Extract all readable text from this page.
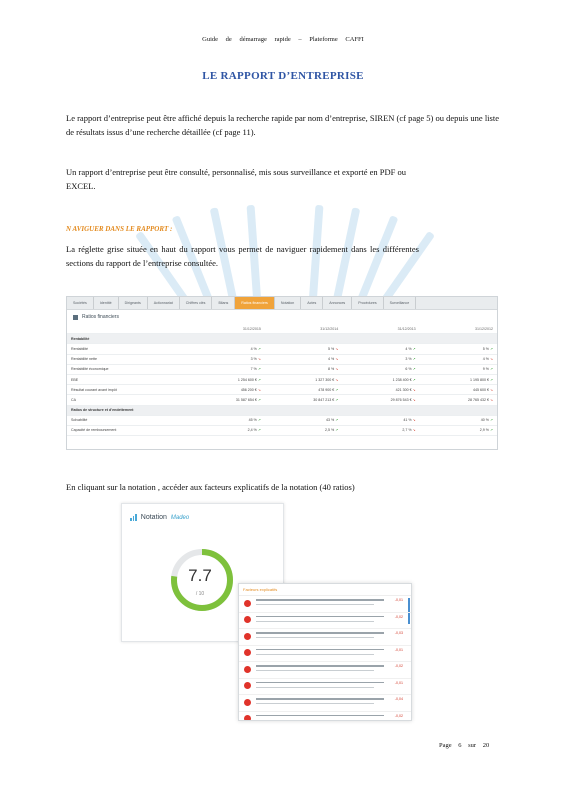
Guide de démarrage rapide – Plateforme CAFFI
LE RAPPORT D’ENTREPRISE
Le rapport d’entreprise peut être affiché depuis la recherche rapide par nom d’entreprise, SIREN (cf page 5) ou depuis une liste de résultats issus d’une recherche détaillée (cf page 11).
Un rapport d’entreprise peut être consulté, personnalisé, mis sous surveillance et exporté en PDF ou EXCEL.
N AVIGUER DANS LE RAPPORT :
La réglette grise située en haut du rapport vous permet de naviguer rapidement dans les différentes sections du rapport de l’entreprise consultée.
Sociétés	Identité	Dirigeants	Actionnariat	Chiffres clés	Bilans	Ratios financiers	Notation	Actes	Annonces	Procédures	Surveillance
Ratios financiers
	31/12/2015	31/12/2014	31/12/2013	31/12/2012
Rentabilité				
Rentabilité	4 % ↗	5 % ↘	4 % ↗	5 % ↗
Rentabilité nette	3 % ↘	4 % ↘	3 % ↗	4 % ↘
Rentabilité économique	7 % ↗	8 % ↘	6 % ↗	9 % ↗
EBE	1 254 600 € ↗	1 327 300 € ↘	1 238 400 € ↗	1 195 800 € ↗
Résultat courant avant impôt	456 200 € ↘	478 900 € ↗	421 300 € ↘	445 600 € ↘
CA	31 587 654 € ↗	30 847 213 € ↗	29 876 543 € ↘	28 765 432 € ↘
Ratios de structure et d’endettement				
Solvabilité	45 % ↗	43 % ↗	41 % ↘	40 % ↗
Capacité de remboursement	2,4 % ↗	2,5 % ↗	2,7 % ↘	2,9 % ↗
En cliquant sur la notation , accéder aux facteurs explicatifs de la notation (40 ratios)
Notation Madeo
7.7
/ 10
Facteurs explicatifs
-0,01
-0,02
-0,03
-0,01
-0,02
-0,01
-0,04
-0,02
Page 6 sur 20
